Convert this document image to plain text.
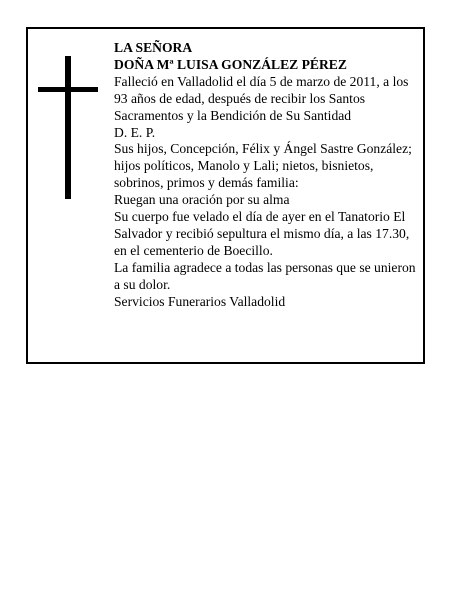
LA SEÑORA

DOÑA Mª LUISA GONZÁLEZ PÉREZ

Falleció en Valladolid el día 5 de marzo de 2011, a los 93 años de edad, después de recibir los Santos Sacramentos y la Bendición de Su Santidad

D. E. P.

Sus hijos, Concepción, Félix y Ángel Sastre González; hijos políticos, Manolo y Lali; nietos, bisnietos, sobrinos, primos y demás familia:

Ruegan una oración por su alma

Su cuerpo fue velado el día de ayer en el Tanatorio El Salvador y recibió sepultura el mismo día, a las 17.30, en el cementerio de Boecillo.

La familia agradece a todas las personas que se unieron a su dolor.

Servicios Funerarios Valladolid
